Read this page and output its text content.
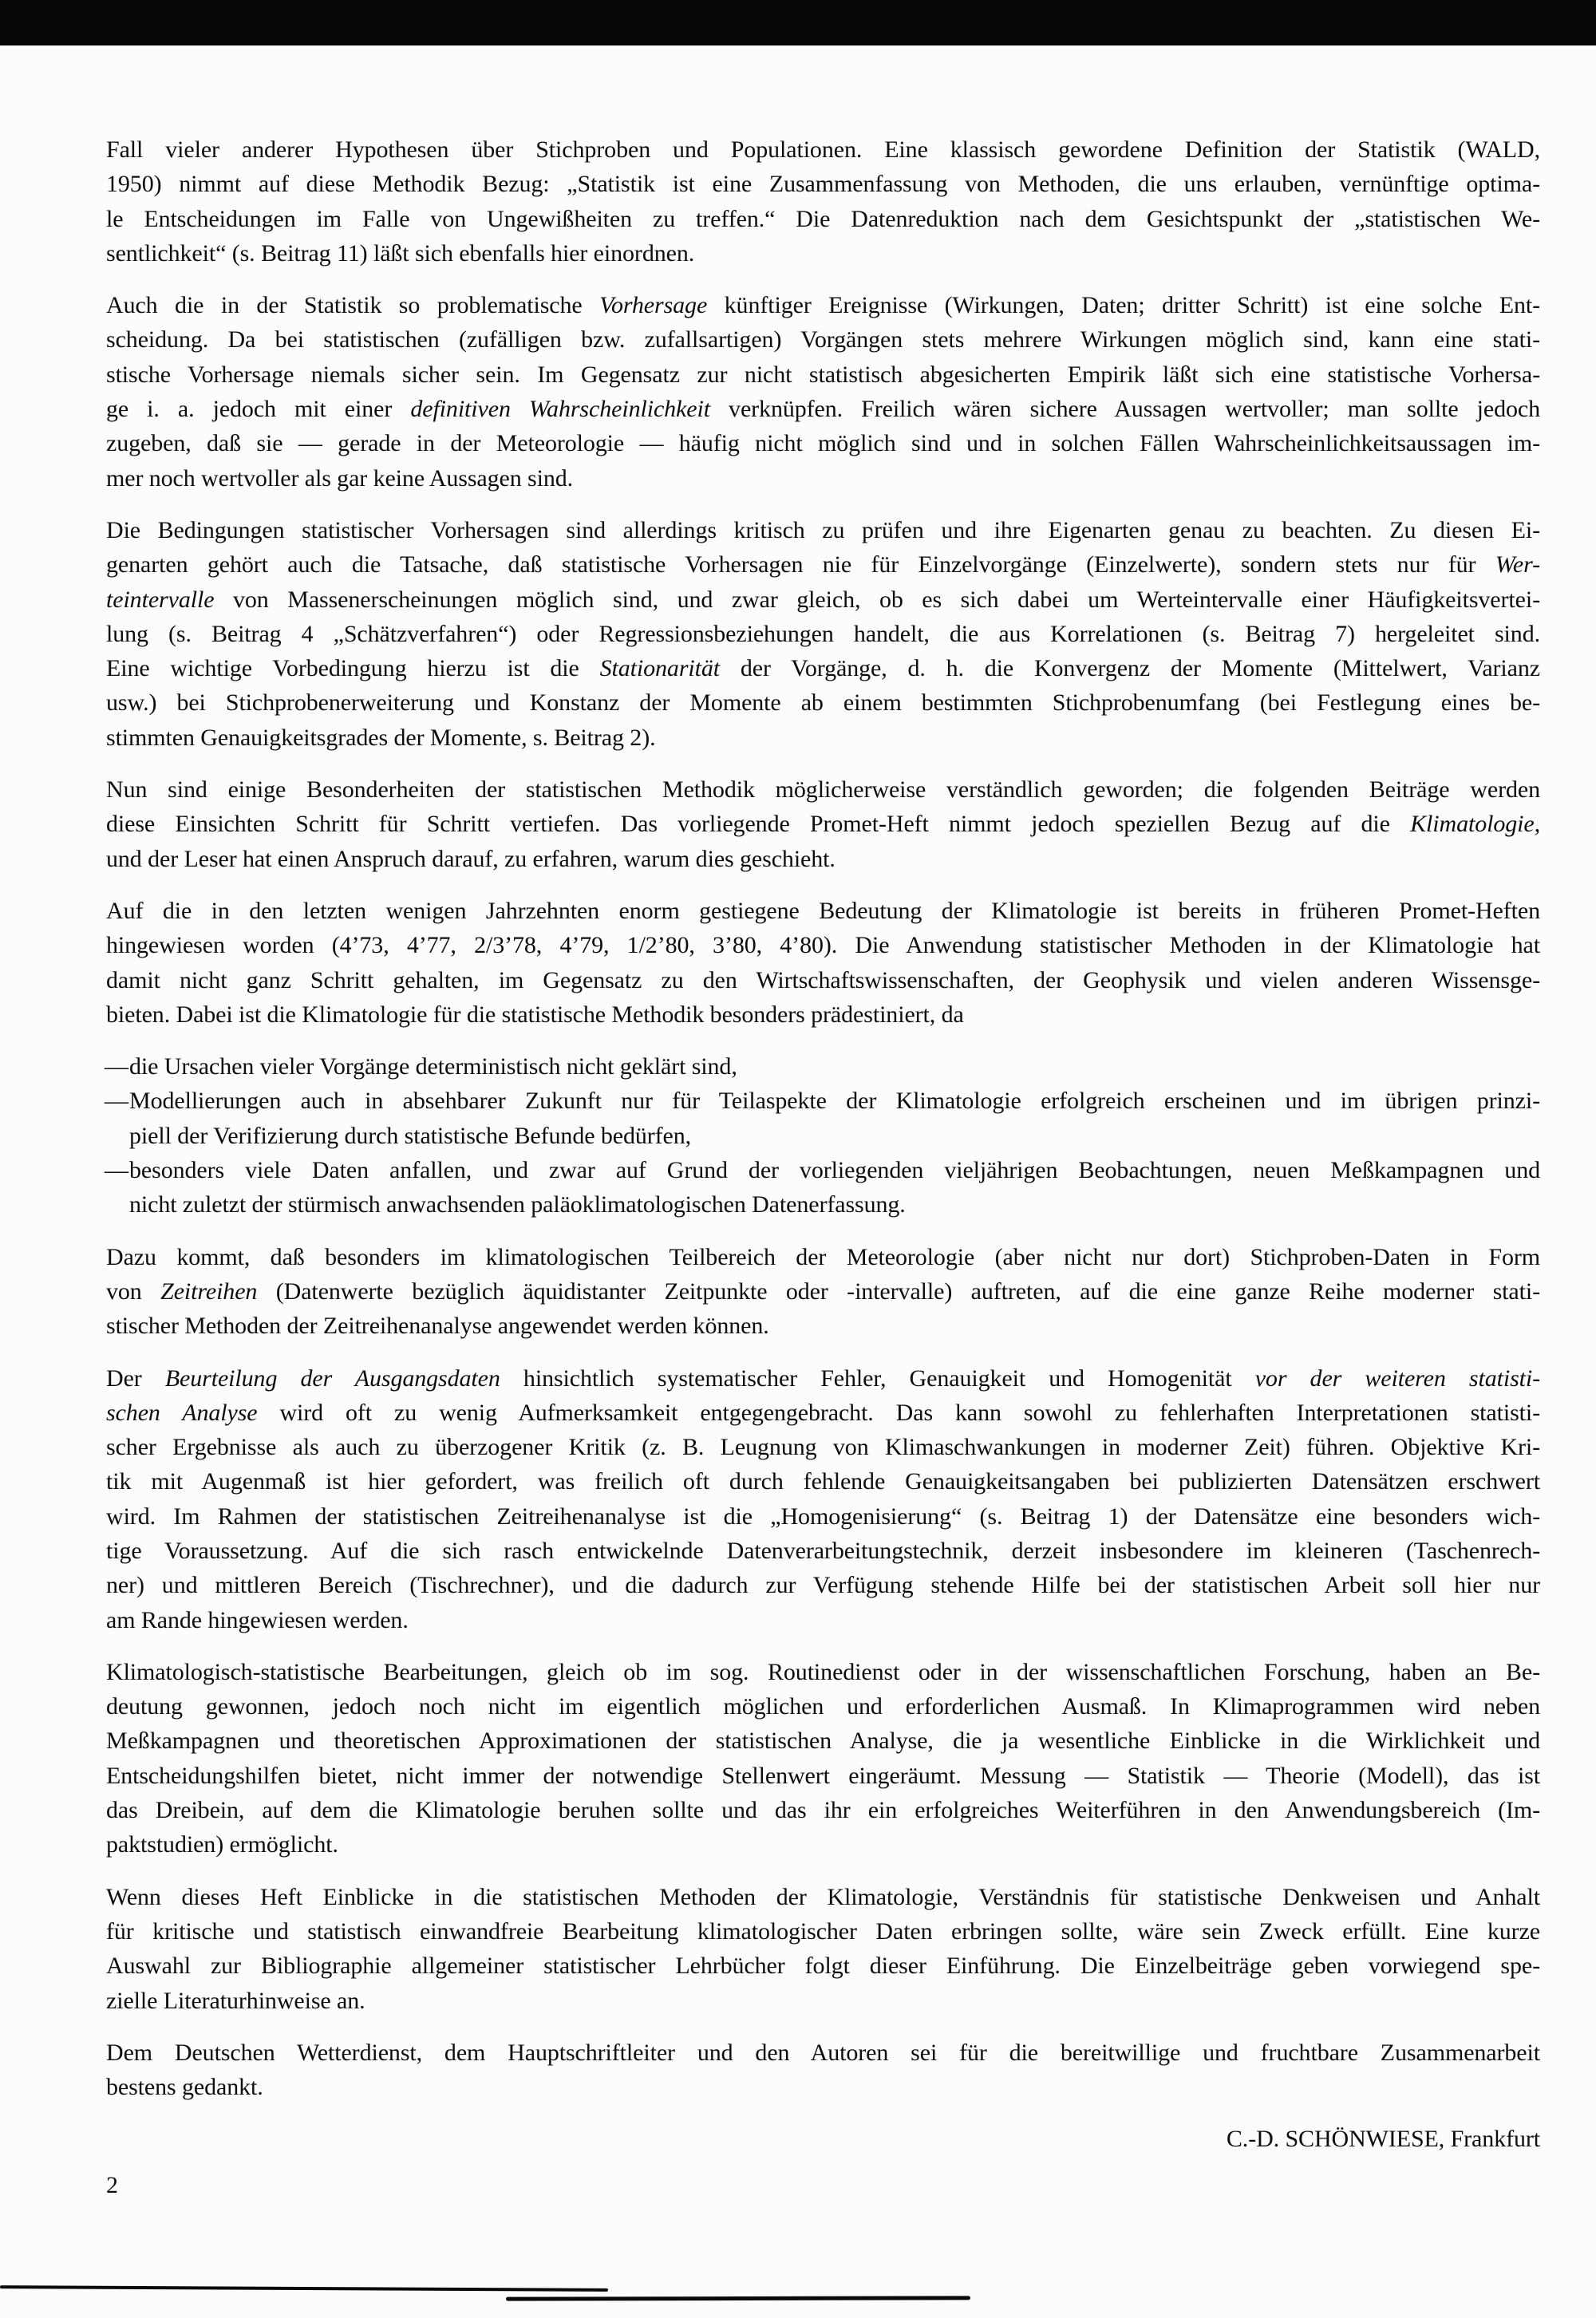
Fall vieler anderer Hypothesen über Stichproben und Populationen. Eine klassisch gewordene Definition der Statistik (WALD,
1950) nimmt auf diese Methodik Bezug: „Statistik ist eine Zusammenfassung von Methoden, die uns erlauben, vernünftige optima-
le Entscheidungen im Falle von Ungewißheiten zu treffen.“ Die Datenreduktion nach dem Gesichtspunkt der „statistischen We-
sentlichkeit“ (s. Beitrag 11) läßt sich ebenfalls hier einordnen.
Auch die in der Statistik so problematische Vorhersage künftiger Ereignisse (Wirkungen, Daten; dritter Schritt) ist eine solche Ent-
scheidung. Da bei statistischen (zufälligen bzw. zufallsartigen) Vorgängen stets mehrere Wirkungen möglich sind, kann eine stati-
stische Vorhersage niemals sicher sein. Im Gegensatz zur nicht statistisch abgesicherten Empirik läßt sich eine statistische Vorhersa-
ge i. a. jedoch mit einer definitiven Wahrscheinlichkeit verknüpfen. Freilich wären sichere Aussagen wertvoller; man sollte jedoch
zugeben, daß sie — gerade in der Meteorologie — häufig nicht möglich sind und in solchen Fällen Wahrscheinlichkeitsaussagen im-
mer noch wertvoller als gar keine Aussagen sind.
Die Bedingungen statistischer Vorhersagen sind allerdings kritisch zu prüfen und ihre Eigenarten genau zu beachten. Zu diesen Ei-
genarten gehört auch die Tatsache, daß statistische Vorhersagen nie für Einzelvorgänge (Einzelwerte), sondern stets nur für Wer-
teintervalle von Massenerscheinungen möglich sind, und zwar gleich, ob es sich dabei um Werteintervalle einer Häufigkeitsvertei-
lung (s. Beitrag 4 „Schätzverfahren“) oder Regressionsbeziehungen handelt, die aus Korrelationen (s. Beitrag 7) hergeleitet sind.
Eine wichtige Vorbedingung hierzu ist die Stationarität der Vorgänge, d. h. die Konvergenz der Momente (Mittelwert, Varianz
usw.) bei Stichprobenerweiterung und Konstanz der Momente ab einem bestimmten Stichprobenumfang (bei Festlegung eines be-
stimmten Genauigkeitsgrades der Momente, s. Beitrag 2).
Nun sind einige Besonderheiten der statistischen Methodik möglicherweise verständlich geworden; die folgenden Beiträge werden
diese Einsichten Schritt für Schritt vertiefen. Das vorliegende Promet-Heft nimmt jedoch speziellen Bezug auf die Klimatologie,
und der Leser hat einen Anspruch darauf, zu erfahren, warum dies geschieht.
Auf die in den letzten wenigen Jahrzehnten enorm gestiegene Bedeutung der Klimatologie ist bereits in früheren Promet-Heften
hingewiesen worden (4’73, 4’77, 2/3’78, 4’79, 1/2’80, 3’80, 4’80). Die Anwendung statistischer Methoden in der Klimatologie hat
damit nicht ganz Schritt gehalten, im Gegensatz zu den Wirtschaftswissenschaften, der Geophysik und vielen anderen Wissensge-
bieten. Dabei ist die Klimatologie für die statistische Methodik besonders prädestiniert, da
— die Ursachen vieler Vorgänge deterministisch nicht geklärt sind,
— Modellierungen auch in absehbarer Zukunft nur für Teilaspekte der Klimatologie erfolgreich erscheinen und im übrigen prinzi-
piell der Verifizierung durch statistische Befunde bedürfen,
— besonders viele Daten anfallen, und zwar auf Grund der vorliegenden vieljährigen Beobachtungen, neuen Meßkampagnen und
nicht zuletzt der stürmisch anwachsenden paläoklimatologischen Datenerfassung.
Dazu kommt, daß besonders im klimatologischen Teilbereich der Meteorologie (aber nicht nur dort) Stichproben-Daten in Form
von Zeitreihen (Datenwerte bezüglich äquidistanter Zeitpunkte oder -intervalle) auftreten, auf die eine ganze Reihe moderner stati-
stischer Methoden der Zeitreihenanalyse angewendet werden können.
Der Beurteilung der Ausgangsdaten hinsichtlich systematischer Fehler, Genauigkeit und Homogenität vor der weiteren statisti-
schen Analyse wird oft zu wenig Aufmerksamkeit entgegengebracht. Das kann sowohl zu fehlerhaften Interpretationen statisti-
scher Ergebnisse als auch zu überzogener Kritik (z. B. Leugnung von Klimaschwankungen in moderner Zeit) führen. Objektive Kri-
tik mit Augenmaß ist hier gefordert, was freilich oft durch fehlende Genauigkeitsangaben bei publizierten Datensätzen erschwert
wird. Im Rahmen der statistischen Zeitreihenanalyse ist die „Homogenisierung“ (s. Beitrag 1) der Datensätze eine besonders wich-
tige Voraussetzung. Auf die sich rasch entwickelnde Datenverarbeitungstechnik, derzeit insbesondere im kleineren (Taschenrech-
ner) und mittleren Bereich (Tischrechner), und die dadurch zur Verfügung stehende Hilfe bei der statistischen Arbeit soll hier nur
am Rande hingewiesen werden.
Klimatologisch-statistische Bearbeitungen, gleich ob im sog. Routinedienst oder in der wissenschaftlichen Forschung, haben an Be-
deutung gewonnen, jedoch noch nicht im eigentlich möglichen und erforderlichen Ausmaß. In Klimaprogrammen wird neben
Meßkampagnen und theoretischen Approximationen der statistischen Analyse, die ja wesentliche Einblicke in die Wirklichkeit und
Entscheidungshilfen bietet, nicht immer der notwendige Stellenwert eingeräumt. Messung — Statistik — Theorie (Modell), das ist
das Dreibein, auf dem die Klimatologie beruhen sollte und das ihr ein erfolgreiches Weiterführen in den Anwendungsbereich (Im-
paktstudien) ermöglicht.
Wenn dieses Heft Einblicke in die statistischen Methoden der Klimatologie, Verständnis für statistische Denkweisen und Anhalt
für kritische und statistisch einwandfreie Bearbeitung klimatologischer Daten erbringen sollte, wäre sein Zweck erfüllt. Eine kurze
Auswahl zur Bibliographie allgemeiner statistischer Lehrbücher folgt dieser Einführung. Die Einzelbeiträge geben vorwiegend spe-
zielle Literaturhinweise an.
Dem Deutschen Wetterdienst, dem Hauptschriftleiter und den Autoren sei für die bereitwillige und fruchtbare Zusammenarbeit
bestens gedankt.
C.-D. SCHÖNWIESE, Frankfurt
2
